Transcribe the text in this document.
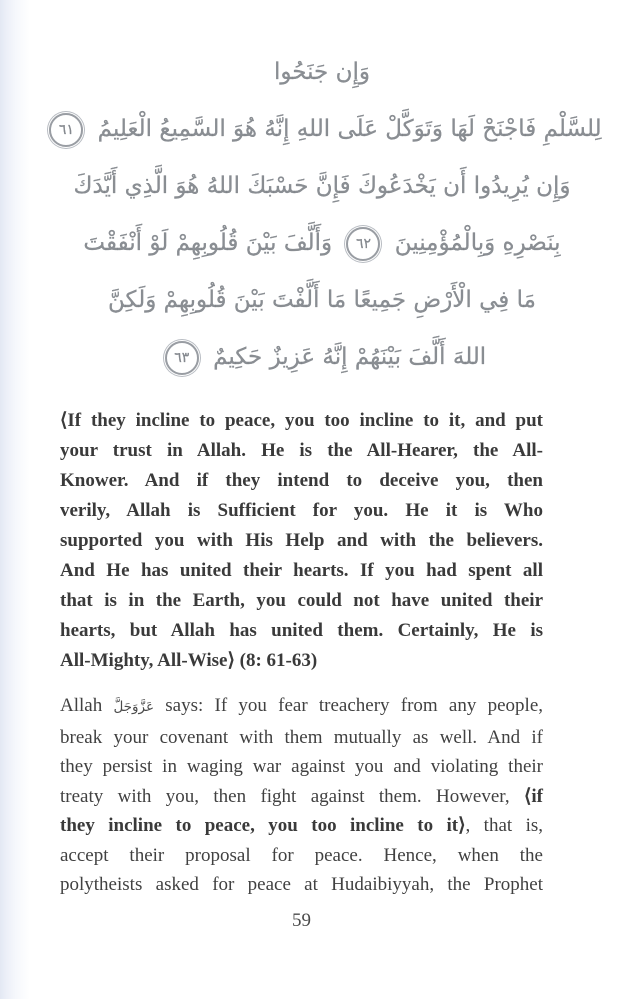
وَإِن جَنَحُوا
لِلسَّلْمِ فَاجْنَحْ لَهَا وَتَوَكَّلْ عَلَى اللهِ إِنَّهُ هُوَ السَّمِيعُ الْعَلِيمُ ٦١
وَإِن يُرِيدُوا أَن يَخْدَعُوكَ فَإِنَّ حَسْبَكَ اللهُ هُوَ الَّذِي أَيَّدَكَ
بِنَصْرِهِ وَبِالْمُؤْمِنِينَ ٦٢ وَأَلَّفَ بَيْنَ قُلُوبِهِمْ لَوْ أَنْفَقْتَ
مَا فِي الْأَرْضِ جَمِيعًا مَا أَلَّفْتَ بَيْنَ قُلُوبِهِمْ وَلَكِنَّ
اللهَ أَلَّفَ بَيْنَهُمْ إِنَّهُ عَزِيزٌ حَكِيمٌ ٦٣
⟨If they incline to peace, you too incline to it, and put
your trust in Allah. He is the All-Hearer, the All-
Knower. And if they intend to deceive you, then
verily, Allah is Sufficient for you. He it is Who
supported you with His Help and with the believers.
And He has united their hearts. If you had spent all
that is in the Earth, you could not have united their
hearts, but Allah has united them. Certainly, He is
All-Mighty, All-Wise⟩ (8: 61-63)
Allah عَزَّوَجَلَّ says: If you fear treachery from any people,
break your covenant with them mutually as well. And if
they persist in waging war against you and violating their
treaty with you, then fight against them. However, ⟨if
they incline to peace, you too incline to it⟩, that is,
accept their proposal for peace. Hence, when the
polytheists asked for peace at Hudaibiyyah, the Prophet
59
